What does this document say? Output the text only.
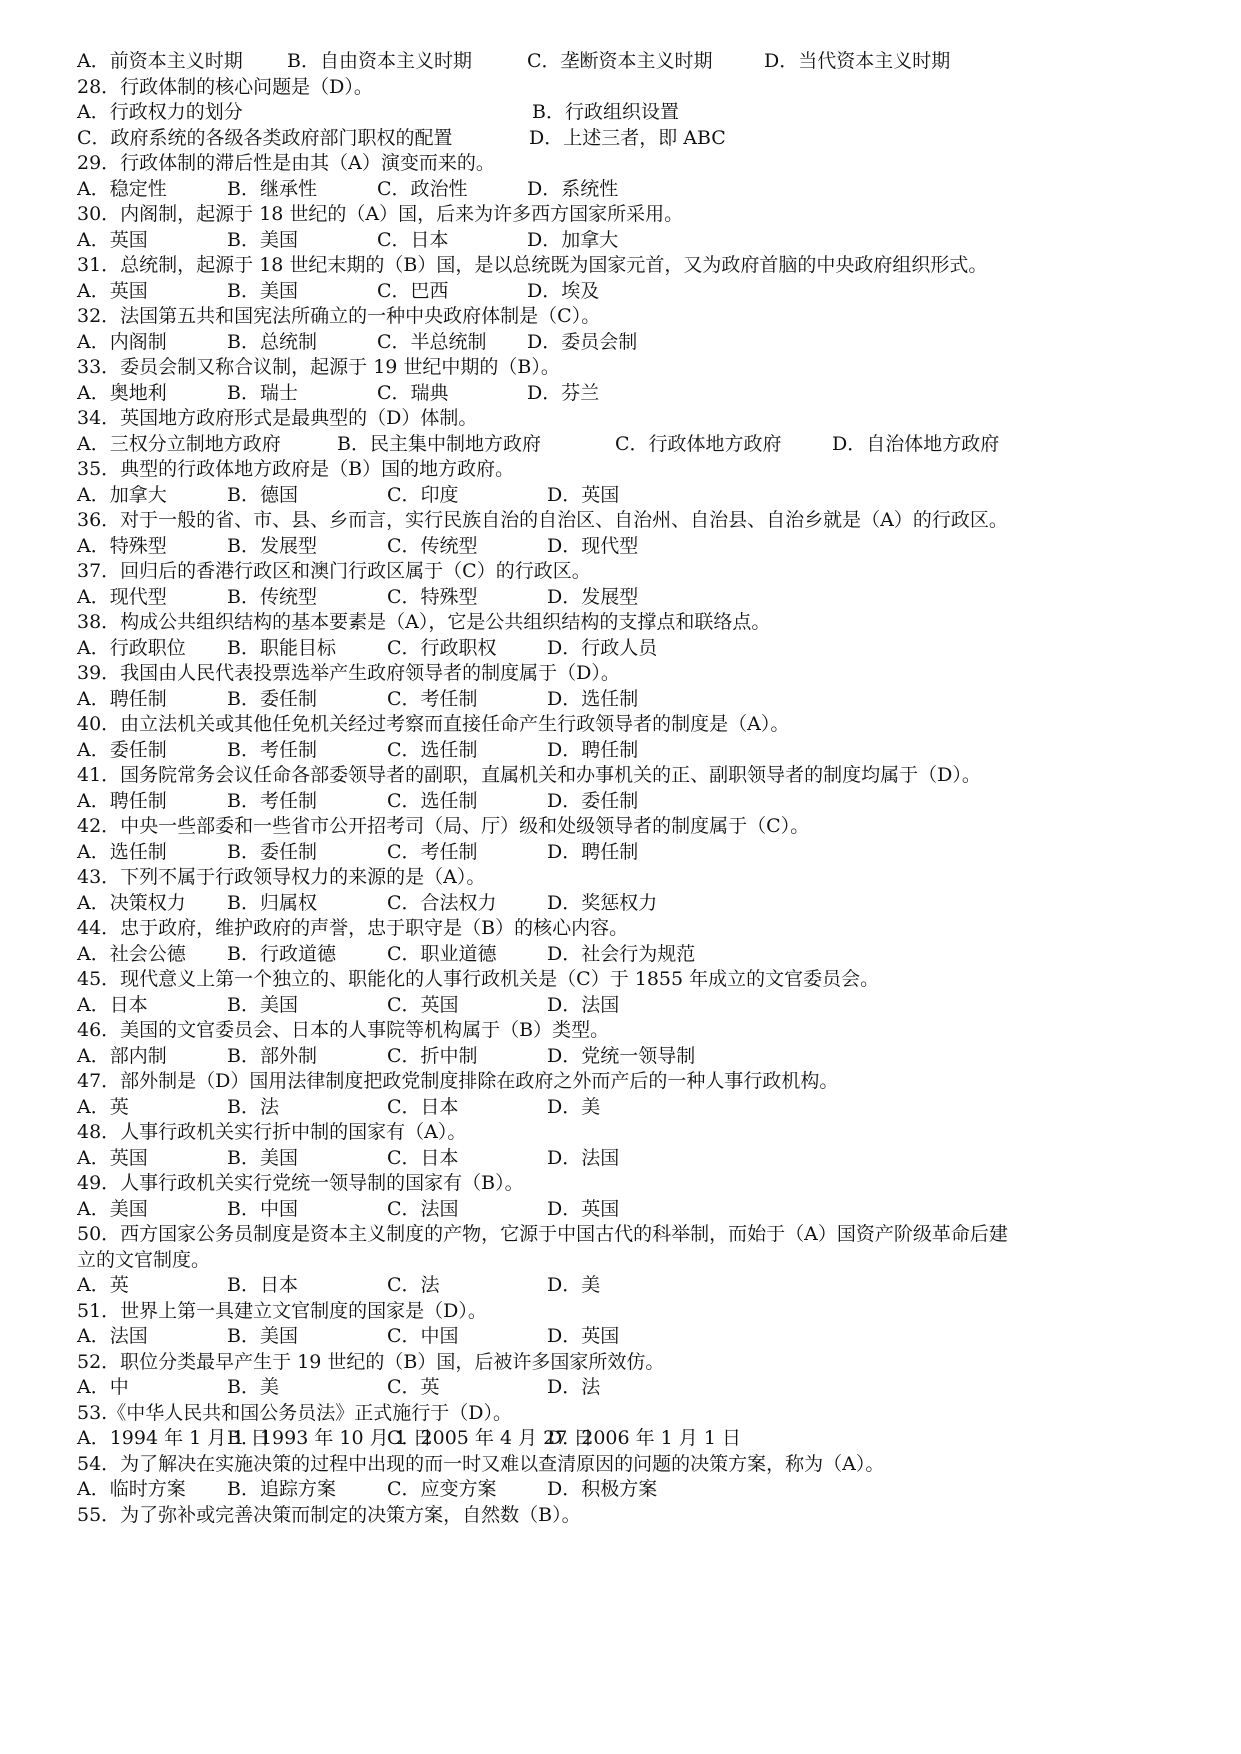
A．前资本主义时期 B．自由资本主义时期	C．垄断资本主义时期	D．当代资本主义时期
28．行政体制的核心问题是（D）。
A．行政权力的划分	B．行政组织设置
C．政府系统的各级各类政府部门职权的配置	D．上述三者，即 ABC
29．行政体制的滞后性是由其（A）演变而来的。
A．稳定性	B．继承性	C．政治性	D．系统性
30．内阁制，起源于 18 世纪的（A）国，后来为许多西方国家所采用。
A．英国	B．美国	C．日本	D．加拿大
31．总统制，起源于 18 世纪末期的（B）国，是以总统既为国家元首，又为政府首脑的中央政府组织形式。
A．英国	B．美国	C．巴西	D．埃及
32．法国第五共和国宪法所确立的一种中央政府体制是（C）。
A．内阁制	B．总统制	C．半总统制 D．委员会制
33．委员会制又称合议制，起源于 19 世纪中期的（B）。
A．奥地利	B．瑞士	C．瑞典	D．芬兰
34．英国地方政府形式是最典型的（D）体制。
A．三权分立制地方政府	B．民主集中制地方政府	C．行政体地方政府	D．自治体地方政府
35．典型的行政体地方政府是（B）国的地方政府。
A．加拿大	B．德国	C．印度	D．英国
36．对于一般的省、市、县、乡而言，实行民族自治的自治区、自治州、自治县、自治乡就是（A）的行政区。
A．特殊型	B．发展型	C．传统型	D．现代型
37．回归后的香港行政区和澳门行政区属于（C）的行政区。
A．现代型	B．传统型	C．特殊型	D．发展型
38．构成公共组织结构的基本要素是（A），它是公共组织结构的支撑点和联络点。
A．行政职位 B．职能目标	C．行政职权	D．行政人员
39．我国由人民代表投票选举产生政府领导者的制度属于（D）。
A．聘任制	B．委任制	C．考任制	D．选任制
40．由立法机关或其他任免机关经过考察而直接任命产生行政领导者的制度是（A）。
A．委任制	B．考任制	C．选任制	D．聘任制
41．国务院常务会议任命各部委领导者的副职，直属机关和办事机关的正、副职领导者的制度均属于（D）。
A．聘任制	B．考任制	C．选任制	D．委任制
42．中央一些部委和一些省市公开招考司（局、厅）级和处级领导者的制度属于（C）。
A．选任制	B．委任制	C．考任制	D．聘任制
43．下列不属于行政领导权力的来源的是（A）。
A．决策权力 B．归属权	C．合法权力	D．奖惩权力
44．忠于政府，维护政府的声誉，忠于职守是（B）的核心内容。
A．社会公德 B．行政道德	C．职业道德	D．社会行为规范
45．现代意义上第一个独立的、职能化的人事行政机关是（C）于 1855 年成立的文官委员会。
A．日本	B．美国	C．英国	D．法国
46．美国的文官委员会、日本的人事院等机构属于（B）类型。
A．部内制	B．部外制	C．折中制	D．党统一领导制
47．部外制是（D）国用法律制度把政党制度排除在政府之外而产后的一种人事行政机构。
A．英	B．法	C．日本	D．美
48．人事行政机关实行折中制的国家有（A）。
A．英国	B．美国	C．日本	D．法国
49．人事行政机关实行党统一领导制的国家有（B）。
A．美国	B．中国	C．法国	D．英国
50．西方国家公务员制度是资本主义制度的产物，它源于中国古代的科举制，而始于（A）国资产阶级革命后建
立的文官制度。
A．英	B．日本	C．法	D．美
51．世界上第一具建立文官制度的国家是（D）。
A．法国	B．美国	C．中国	D．英国
52．职位分类最早产生于 19 世纪的（B）国，后被许多国家所效仿。
A．中	B．美	C．英	D．法
53.《中华人民共和国公务员法》正式施行于（D）。
A．1994 年 1 月 1 日
B．1993 年 10 月 1 日
C．2005 年 4 月 27 日
D．2006 年 1 月 1 日
54．为了解决在实施决策的过程中出现的而一时又难以查清原因的问题的决策方案，称为（A）。
A．临时方案 B．追踪方案	C．应变方案	D．积极方案
55．为了弥补或完善决策而制定的决策方案，自然数（B）。
